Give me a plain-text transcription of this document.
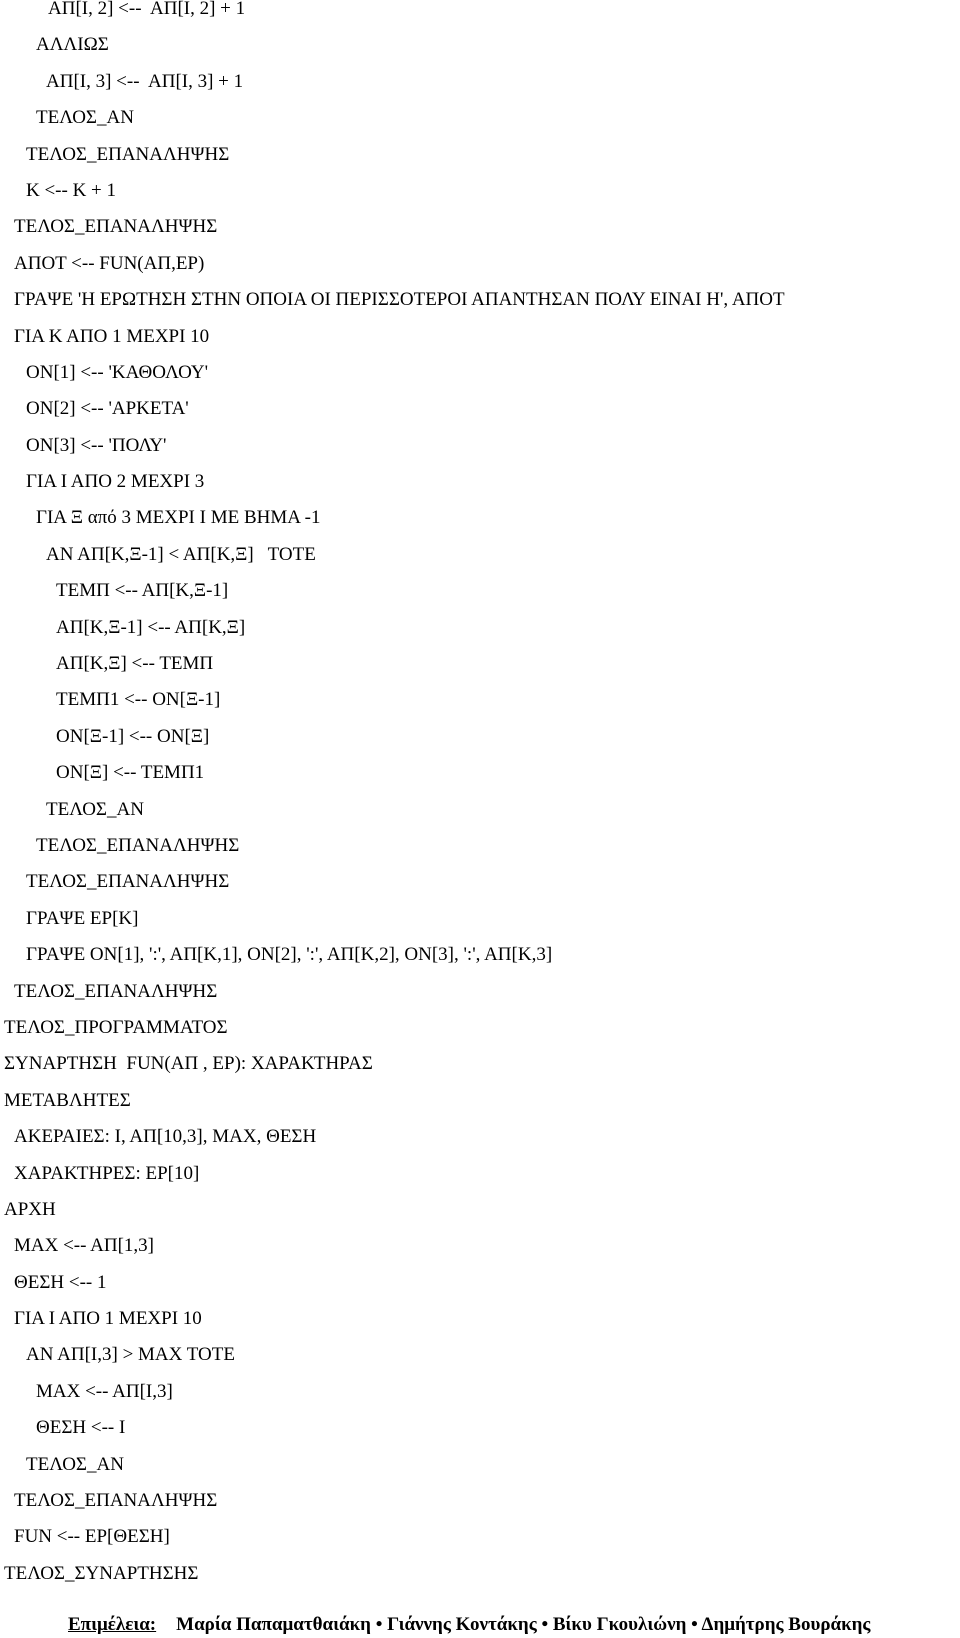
ΑΠ[Ι, 2] <--  ΑΠ[Ι, 2] + 1
ΑΛΛΙΩΣ
ΑΠ[Ι, 3] <--  ΑΠ[Ι, 3] + 1
ΤΕΛΟΣ_ΑΝ
ΤΕΛΟΣ_ΕΠΑΝΑΛΗΨΗΣ
Κ <-- Κ + 1
ΤΕΛΟΣ_ΕΠΑΝΑΛΗΨΗΣ
ΑΠΟΤ <-- FUN(ΑΠ,ΕΡ)
ΓΡΑΨΕ 'Η ΕΡΩΤΗΣΗ ΣΤΗΝ ΟΠΟΙΑ ΟΙ ΠΕΡΙΣΣΟΤΕΡΟΙ ΑΠΑΝΤΗΣΑΝ ΠΟΛΥ ΕΙΝΑΙ Η', ΑΠΟΤ
ΓΙΑ Κ ΑΠΟ 1 ΜΕΧΡΙ 10
ΟΝ[1] <-- 'ΚΑΘΟΛΟΥ'
ΟΝ[2] <-- 'ΑΡΚΕΤΑ'
ΟΝ[3] <-- 'ΠΟΛΥ'
ΓΙΑ Ι ΑΠΟ 2 ΜΕΧΡΙ 3
ΓΙΑ Ξ από 3 ΜΕΧΡΙ Ι ΜΕ ΒΗΜΑ -1
ΑΝ ΑΠ[Κ,Ξ-1] < ΑΠ[Κ,Ξ]   ΤΟΤΕ
ΤΕΜΠ <-- ΑΠ[Κ,Ξ-1]
ΑΠ[Κ,Ξ-1] <-- ΑΠ[Κ,Ξ]
ΑΠ[Κ,Ξ] <-- ΤΕΜΠ
ΤΕΜΠ1 <-- ΟΝ[Ξ-1]
ΟΝ[Ξ-1] <-- ΟΝ[Ξ]
ΟΝ[Ξ] <-- ΤΕΜΠ1
ΤΕΛΟΣ_ΑΝ
ΤΕΛΟΣ_ΕΠΑΝΑΛΗΨΗΣ
ΤΕΛΟΣ_ΕΠΑΝΑΛΗΨΗΣ
ΓΡΑΨΕ ΕΡ[Κ]
ΓΡΑΨΕ ΟΝ[1], ':', ΑΠ[Κ,1], ΟΝ[2], ':', ΑΠ[Κ,2], ΟΝ[3], ':', ΑΠ[Κ,3]
ΤΕΛΟΣ_ΕΠΑΝΑΛΗΨΗΣ
ΤΕΛΟΣ_ΠΡΟΓΡΑΜΜΑΤΟΣ
ΣΥΝΑΡΤΗΣΗ  FUN(ΑΠ , ΕΡ): ΧΑΡΑΚΤΗΡΑΣ
ΜΕΤΑΒΛΗΤΕΣ
ΑΚΕΡΑΙΕΣ: Ι, ΑΠ[10,3], ΜΑΧ, ΘΕΣΗ
ΧΑΡΑΚΤΗΡΕΣ: ΕΡ[10]
ΑΡΧΗ
ΜΑΧ <-- ΑΠ[1,3]
ΘΕΣΗ <-- 1
ΓΙΑ Ι ΑΠΟ 1 ΜΕΧΡΙ 10
ΑΝ ΑΠ[Ι,3] > ΜΑΧ ΤΟΤΕ
ΜΑΧ <-- ΑΠ[Ι,3]
ΘΕΣΗ <-- Ι
ΤΕΛΟΣ_ΑΝ
ΤΕΛΟΣ_ΕΠΑΝΑΛΗΨΗΣ
FUN <-- ΕΡ[ΘΕΣΗ]
ΤΕΛΟΣ_ΣΥΝΑΡΤΗΣΗΣ
Επιμέλεια: Μαρία Παπαματθαιάκη • Γιάννης Κοντάκης • Βίκυ Γκουλιώνη • Δημήτρης Βουράκης
